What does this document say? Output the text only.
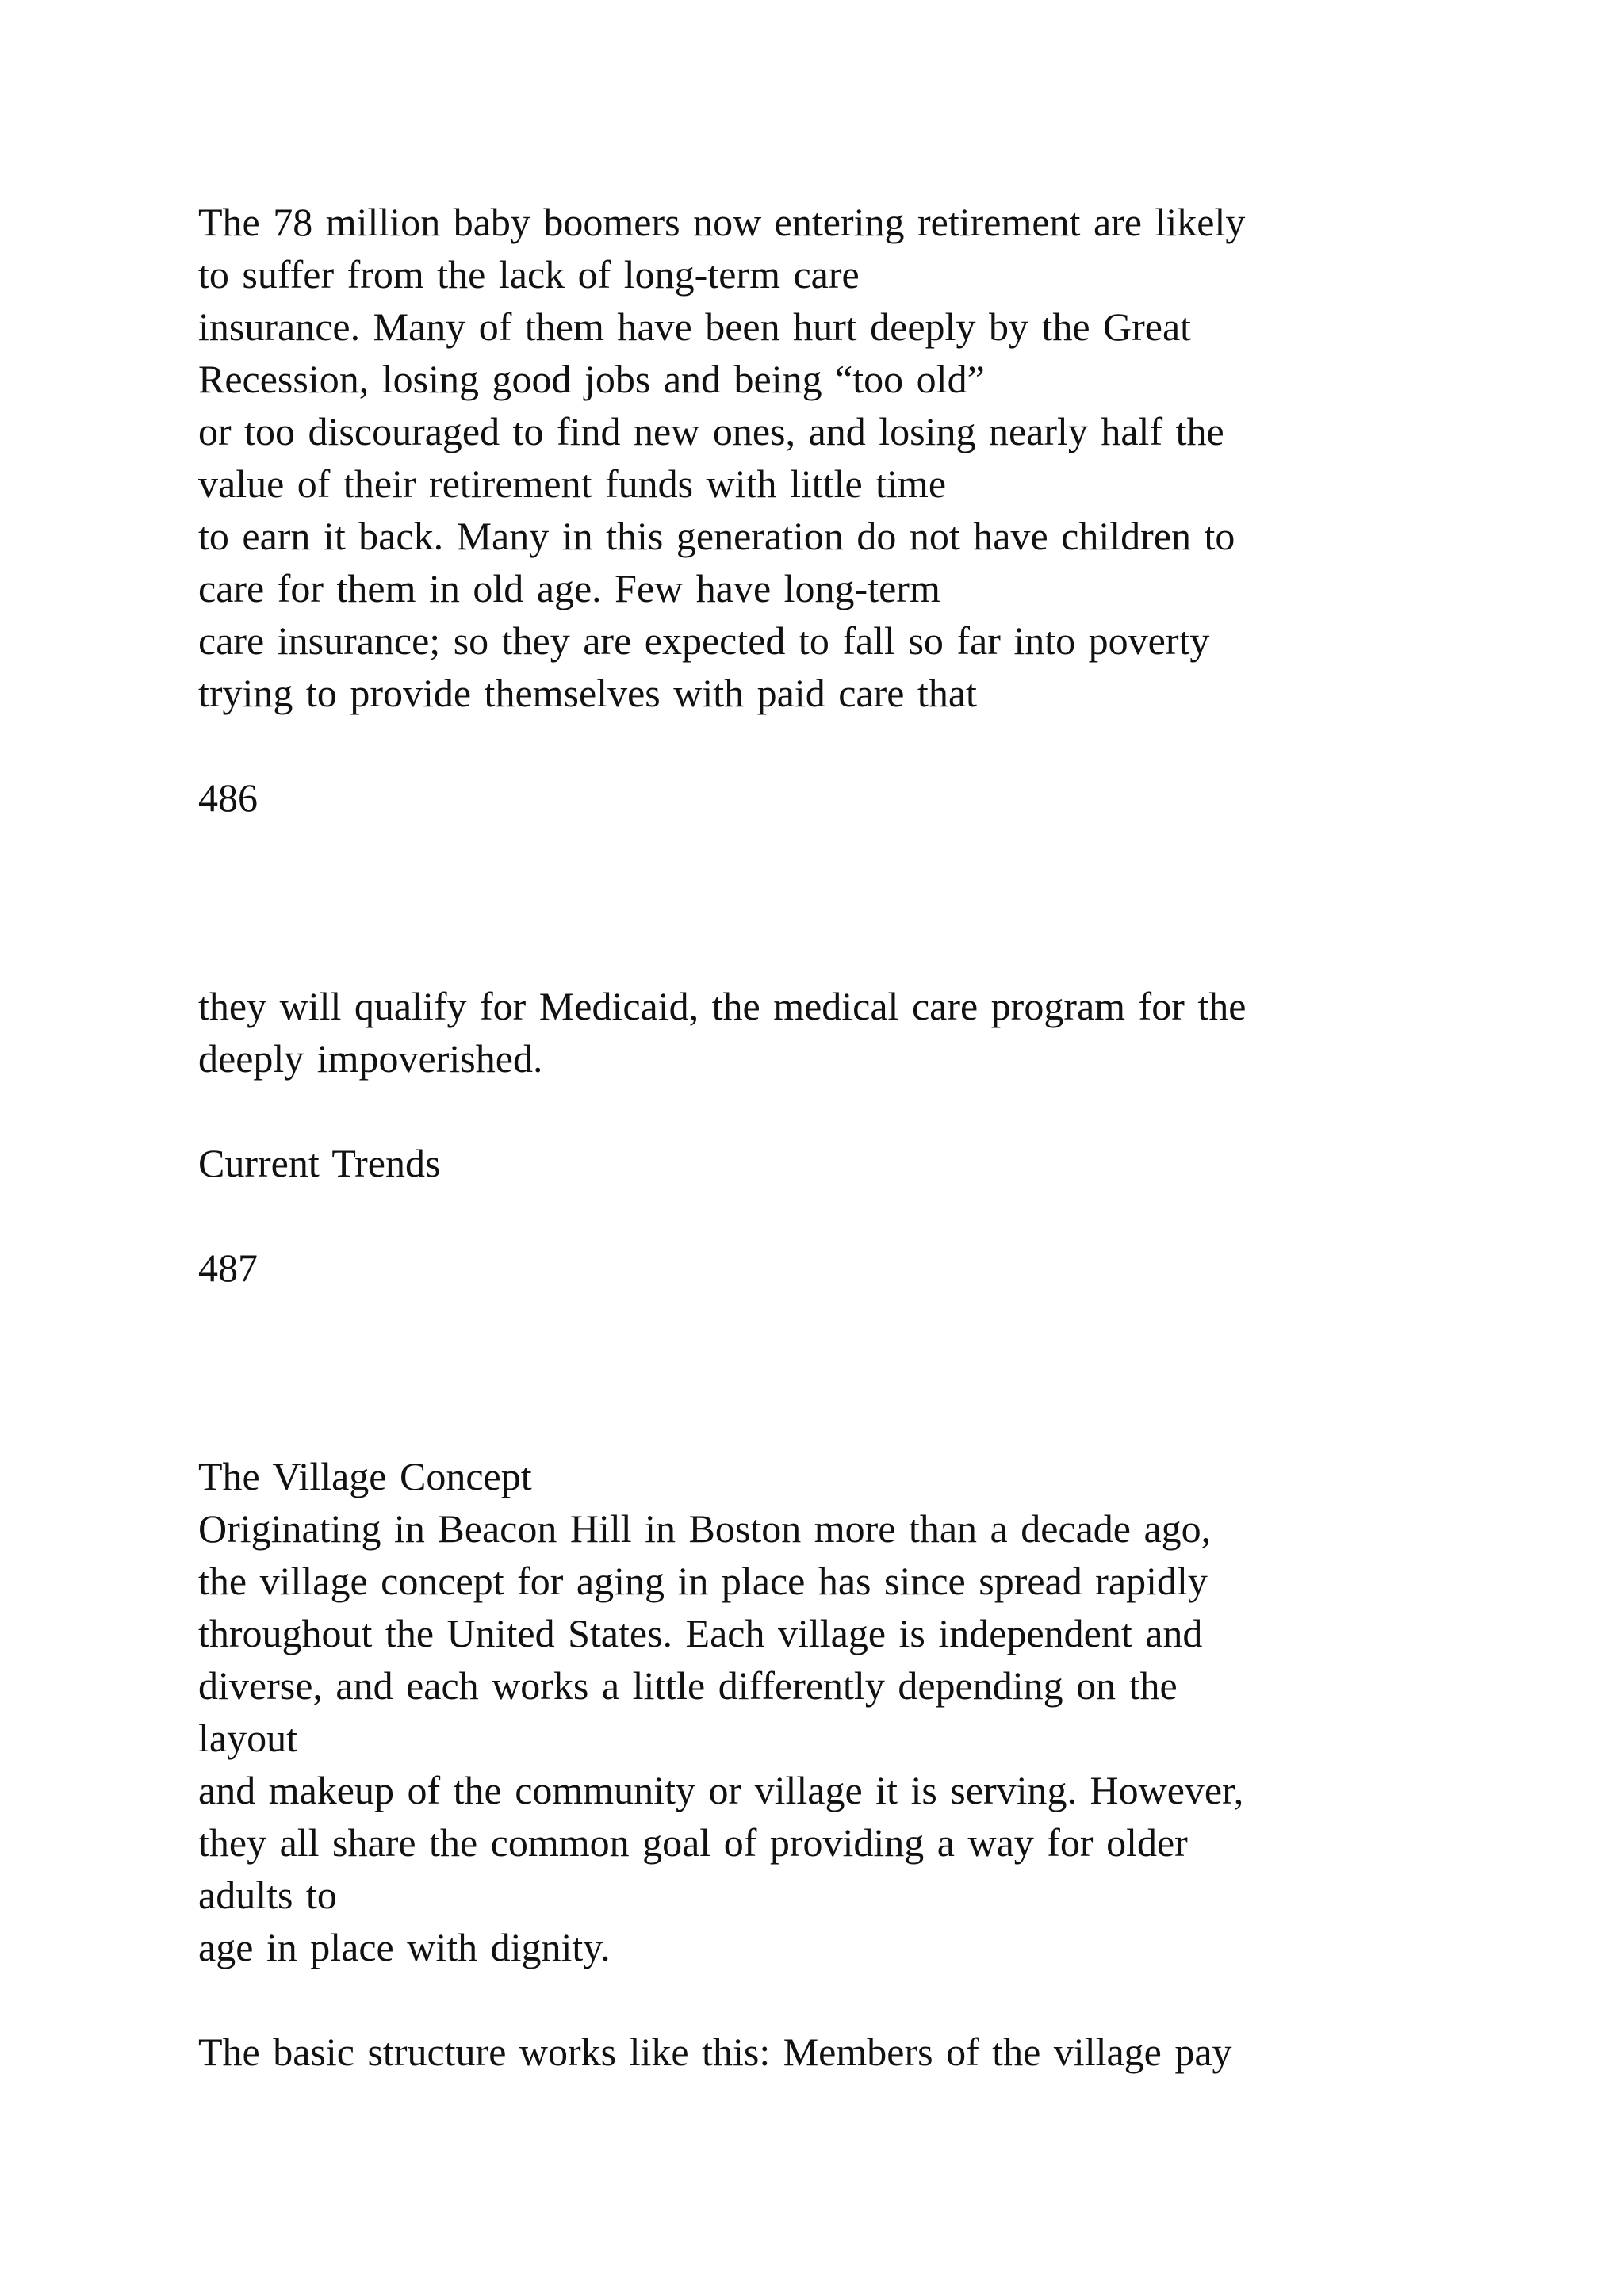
The 78 million baby boomers now entering retirement are likely

to suffer from the lack of long-term care

insurance. Many of them have been hurt deeply by the Great

Recession, losing good jobs and being “too old”

or too discouraged to find new ones, and losing nearly half the

value of their retirement funds with little time

to earn it back. Many in this generation do not have children to

care for them in old age. Few have long-term

care insurance; so they are expected to fall so far into poverty

trying to provide themselves with paid care that

486

they will qualify for Medicaid, the medical care program for the

deeply impoverished.

Current Trends

487

The Village Concept

Originating in Beacon Hill in Boston more than a decade ago,

the village concept for aging in place has since spread rapidly

throughout the United States. Each village is independent and

diverse, and each works a little differently depending on the

layout

and makeup of the community or village it is serving. However,

they all share the common goal of providing a way for older

adults to

age in place with dignity.

The basic structure works like this: Members of the village pay
